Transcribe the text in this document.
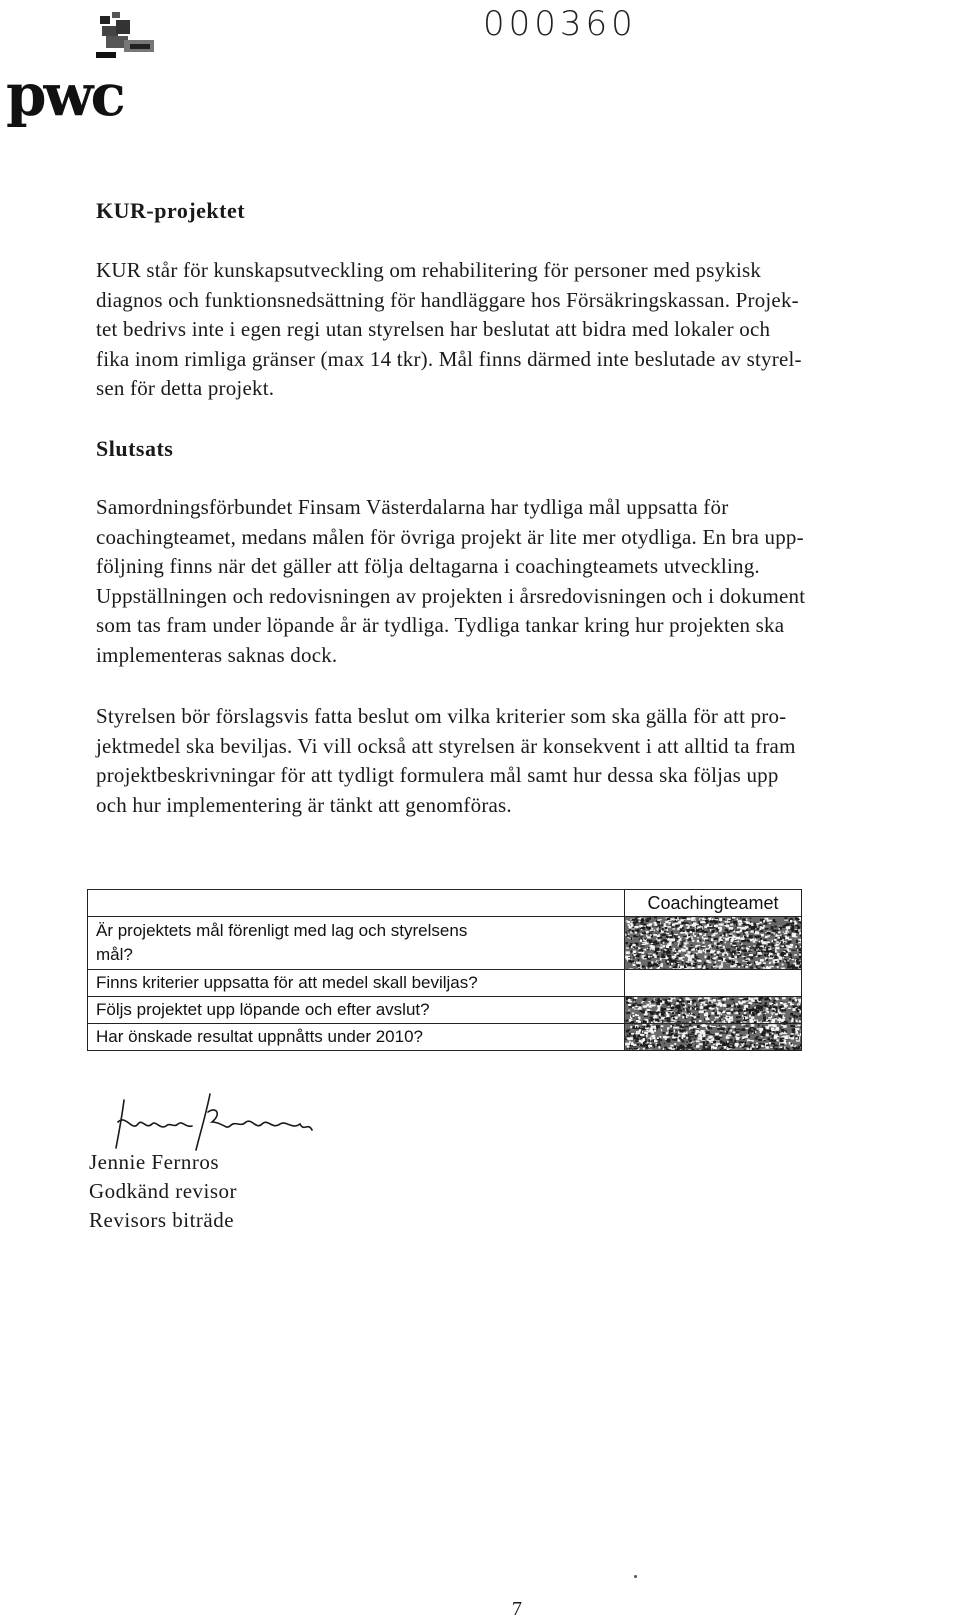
pwc
000360
KUR-projektet
KUR står för kunskapsutveckling om rehabilitering för personer med psykisk
diagnos och funktionsnedsättning för handläggare hos Försäkringskassan. Projek-
tet bedrivs inte i egen regi utan styrelsen har beslutat att bidra med lokaler och
fika inom rimliga gränser (max 14 tkr). Mål finns därmed inte beslutade av styrel-
sen för detta projekt.
Slutsats
Samordningsförbundet Finsam Västerdalarna har tydliga mål uppsatta för
coachingteamet, medans målen för övriga projekt är lite mer otydliga. En bra upp-
följning finns när det gäller att följa deltagarna i coachingteamets utveckling.
Uppställningen och redovisningen av projekten i årsredovisningen och i dokument
som tas fram under löpande år är tydliga. Tydliga tankar kring hur projekten ska
implementeras saknas dock.
Styrelsen bör förslagsvis fatta beslut om vilka kriterier som ska gälla för att pro-
jektmedel ska beviljas. Vi vill också att styrelsen är konsekvent i att alltid ta fram
projektbeskrivningar för att tydligt formulera mål samt hur dessa ska följas upp
och hur implementering är tänkt att genomföras.
	Coachingteamet

Är projektets mål förenligt med lag och styrelsens
mål?

Finns kriterier uppsatta för att medel skall beviljas?	
Följs projektet upp löpande och efter avslut?	

Har önskade resultat uppnåtts under 2010?	
Jennie Fernros
Godkänd revisor
Revisors biträde
7
